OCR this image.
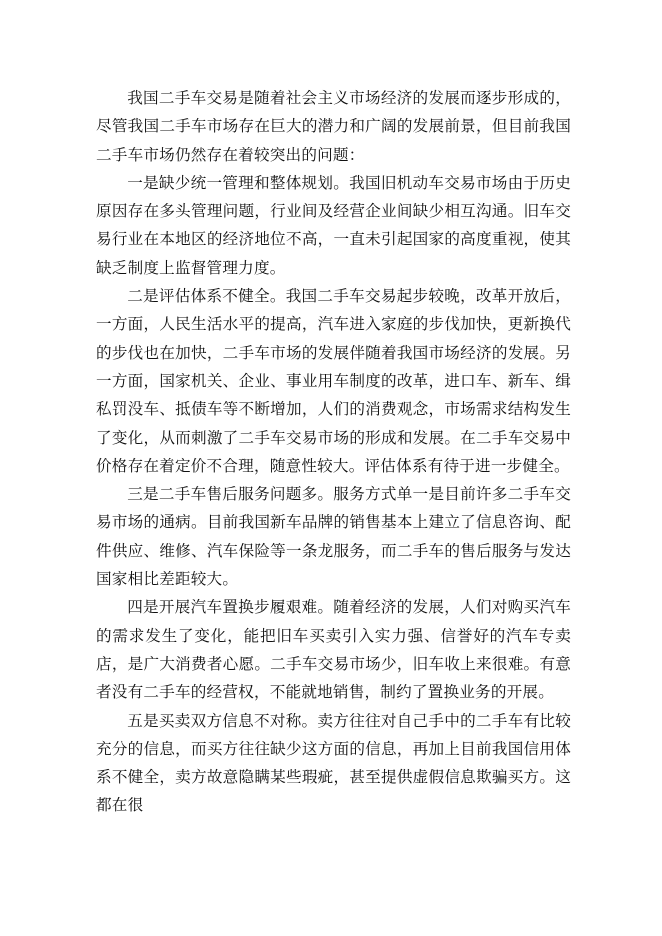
我国二手车交易是随着社会主义市场经济的发展而逐步形成的，尽管我国二手车市场存在巨大的潜力和广阔的发展前景，但目前我国二手车市场仍然存在着较突出的问题：

一是缺少统一管理和整体规划。我国旧机动车交易市场由于历史原因存在多头管理问题，行业间及经营企业间缺少相互沟通。旧车交易行业在本地区的经济地位不高，一直未引起国家的高度重视，使其缺乏制度上监督管理力度。

二是评估体系不健全。我国二手车交易起步较晚，改革开放后，一方面，人民生活水平的提高，汽车进入家庭的步伐加快，更新换代的步伐也在加快，二手车市场的发展伴随着我国市场经济的发展。另一方面，国家机关、企业、事业用车制度的改革，进口车、新车、缉私罚没车、抵债车等不断增加，人们的消费观念，市场需求结构发生了变化，从而刺激了二手车交易市场的形成和发展。在二手车交易中价格存在着定价不合理，随意性较大。评估体系有待于进一步健全。

三是二手车售后服务问题多。服务方式单一是目前许多二手车交易市场的通病。目前我国新车品牌的销售基本上建立了信息咨询、配件供应、维修、汽车保险等一条龙服务，而二手车的售后服务与发达国家相比差距较大。

四是开展汽车置换步履艰难。随着经济的发展，人们对购买汽车的需求发生了变化，能把旧车买卖引入实力强、信誉好的汽车专卖店，是广大消费者心愿。二手车交易市场少，旧车收上来很难。有意者没有二手车的经营权，不能就地销售，制约了置换业务的开展。

五是买卖双方信息不对称。卖方往往对自己手中的二手车有比较充分的信息，而买方往往缺少这方面的信息，再加上目前我国信用体系不健全，卖方故意隐瞒某些瑕疵，甚至提供虚假信息欺骗买方。这都在很
